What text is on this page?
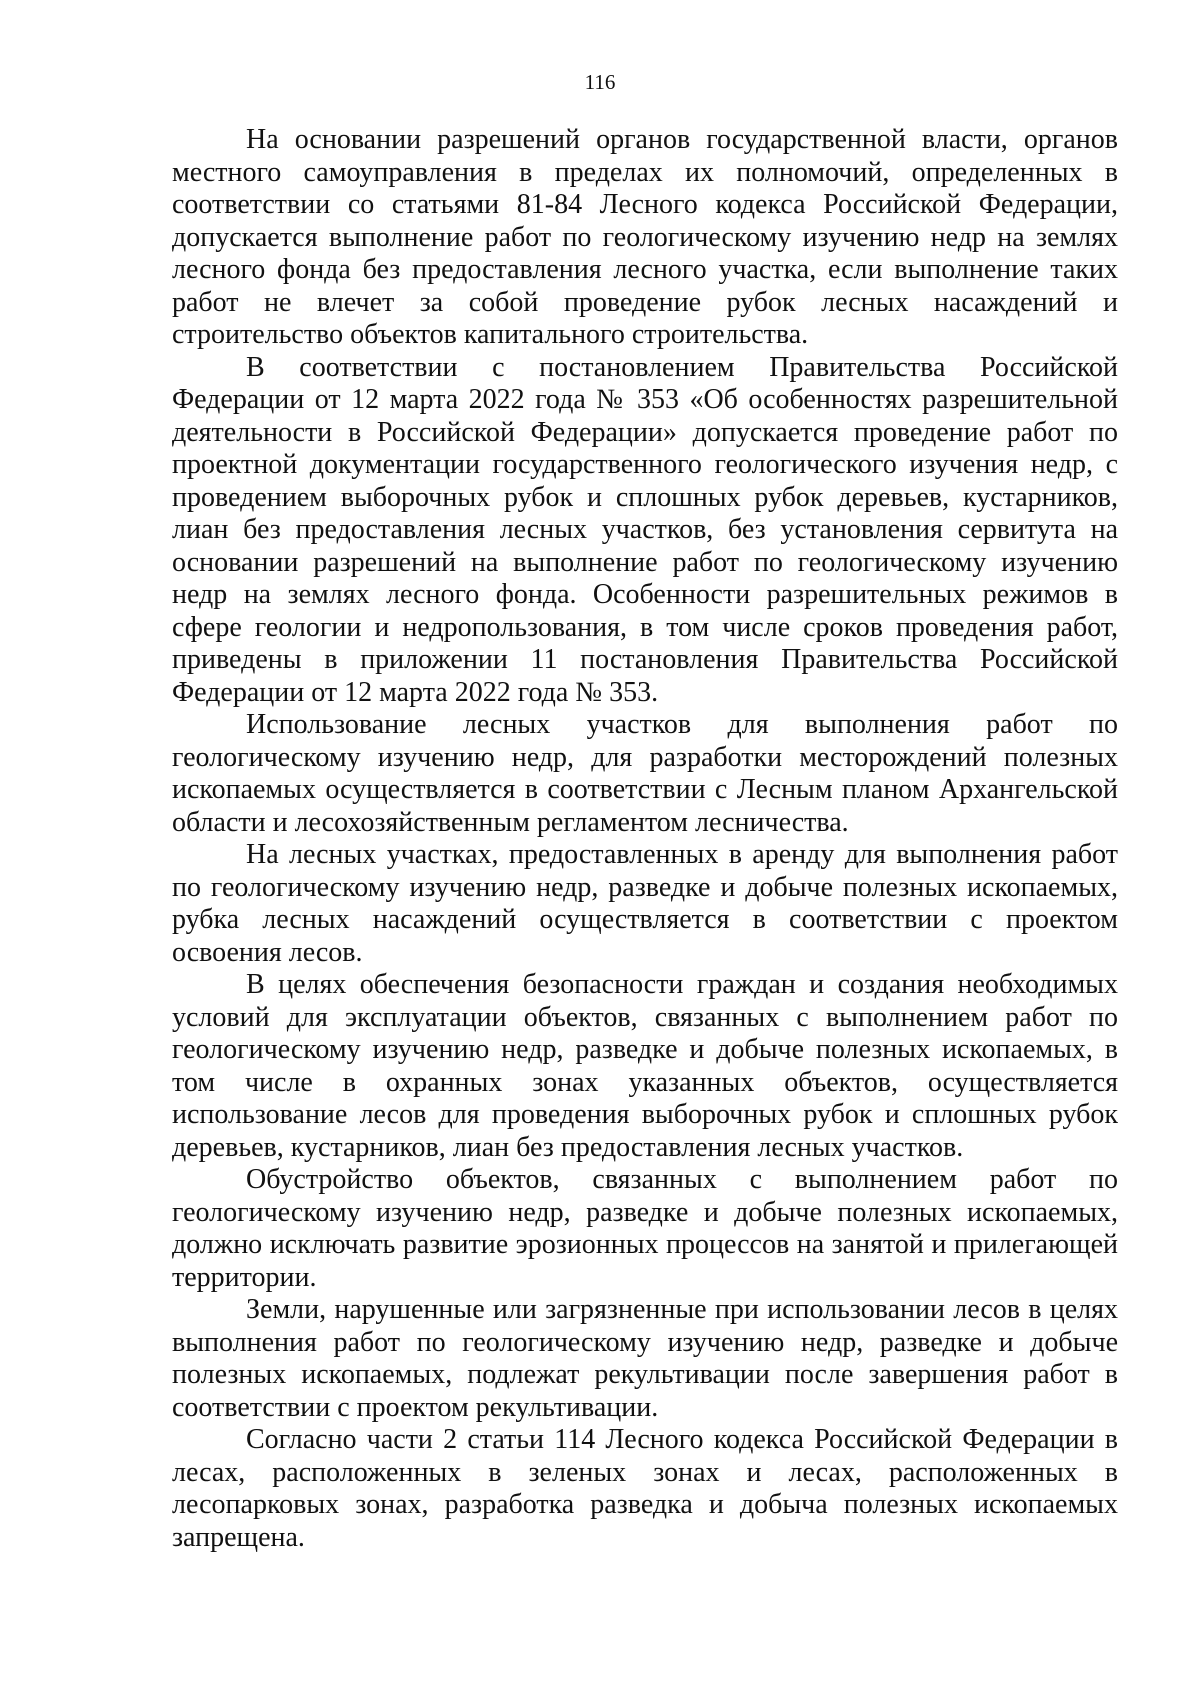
116

На основании разрешений органов государственной власти, органов местного самоуправления в пределах их полномочий, определенных в соответствии со статьями 81-84 Лесного кодекса Российской Федерации, допускается выполнение работ по геологическому изучению недр на землях лесного фонда без предоставления лесного участка, если выполнение таких работ не влечет за собой проведение рубок лесных насаждений и строительство объектов капитального строительства.

В соответствии с постановлением Правительства Российской Федерации от 12 марта 2022 года № 353 «Об особенностях разрешительной деятельности в Российской Федерации» допускается проведение работ по проектной документации государственного геологического изучения недр, с проведением выборочных рубок и сплошных рубок деревьев, кустарников, лиан без предоставления лесных участков, без установления сервитута на основании разрешений на выполнение работ по геологическому изучению недр на землях лесного фонда. Особенности разрешительных режимов в сфере геологии и недропользования, в том числе сроков проведения работ, приведены в приложении 11 постановления Правительства Российской Федерации от 12 марта 2022 года № 353.

Использование лесных участков для выполнения работ по геологическому изучению недр, для разработки месторождений полезных ископаемых осуществляется в соответствии с Лесным планом Архангельской области и лесохозяйственным регламентом лесничества.

На лесных участках, предоставленных в аренду для выполнения работ по геологическому изучению недр, разведке и добыче полезных ископаемых, рубка лесных насаждений осуществляется в соответствии с проектом освоения лесов.

В целях обеспечения безопасности граждан и создания необходимых условий для эксплуатации объектов, связанных с выполнением работ по геологическому изучению недр, разведке и добыче полезных ископаемых, в том числе в охранных зонах указанных объектов, осуществляется использование лесов для проведения выборочных рубок и сплошных рубок деревьев, кустарников, лиан без предоставления лесных участков.

Обустройство объектов, связанных с выполнением работ по геологическому изучению недр, разведке и добыче полезных ископаемых, должно исключать развитие эрозионных процессов на занятой и прилегающей территории.

Земли, нарушенные или загрязненные при использовании лесов в целях выполнения работ по геологическому изучению недр, разведке и добыче полезных ископаемых, подлежат рекультивации после завершения работ в соответствии с проектом рекультивации.

Согласно части 2 статьи 114 Лесного кодекса Российской Федерации в лесах, расположенных в зеленых зонах и лесах, расположенных в лесопарковых зонах, разработка разведка и добыча полезных ископаемых запрещена.
